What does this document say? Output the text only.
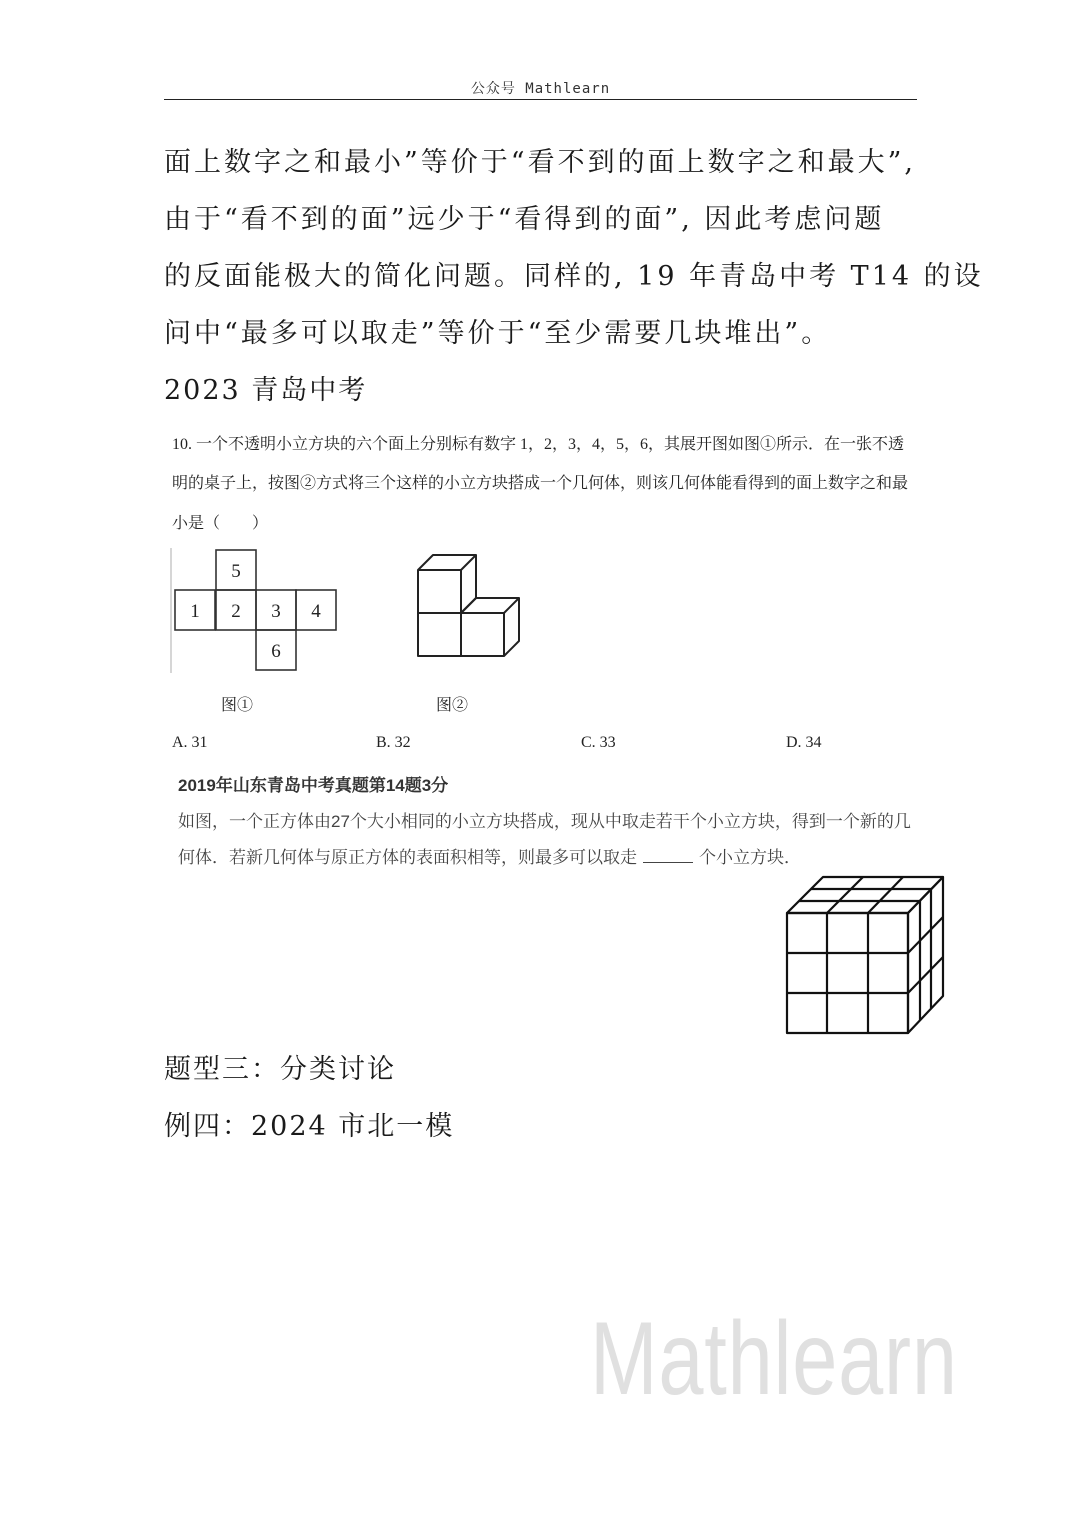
公众号 Mathlearn
面上数字之和最小”等价于“看不到的面上数字之和最大”,
由于“看不到的面”远少于“看得到的面”, 因此考虑问题
的反面能极大的简化问题。同样的, 19 年青岛中考 T14 的设
问中“最多可以取走”等价于“至少需要几块堆出”。
2023 青岛中考
10. 一个不透明小立方块的六个面上分别标有数字 1，2，3，4，5，6，其展开图如图①所示．在一张不透
明的桌子上，按图②方式将三个这样的小立方块搭成一个几何体，则该几何体能看得到的面上数字之和最
小是（　　）
5
1 2 3 4
6
图①	图②
A. 31	B. 32	C. 33	D. 34
2019年山东青岛中考真题第14题3分
如图，一个正方体由27个大小相同的小立方块搭成，现从中取走若干个小立方块，得到一个新的几
何体．若新几何体与原正方体的表面积相等，则最多可以取走	个小立方块．
题型三：分类讨论
例四：2024 市北一模
Mathlearn
